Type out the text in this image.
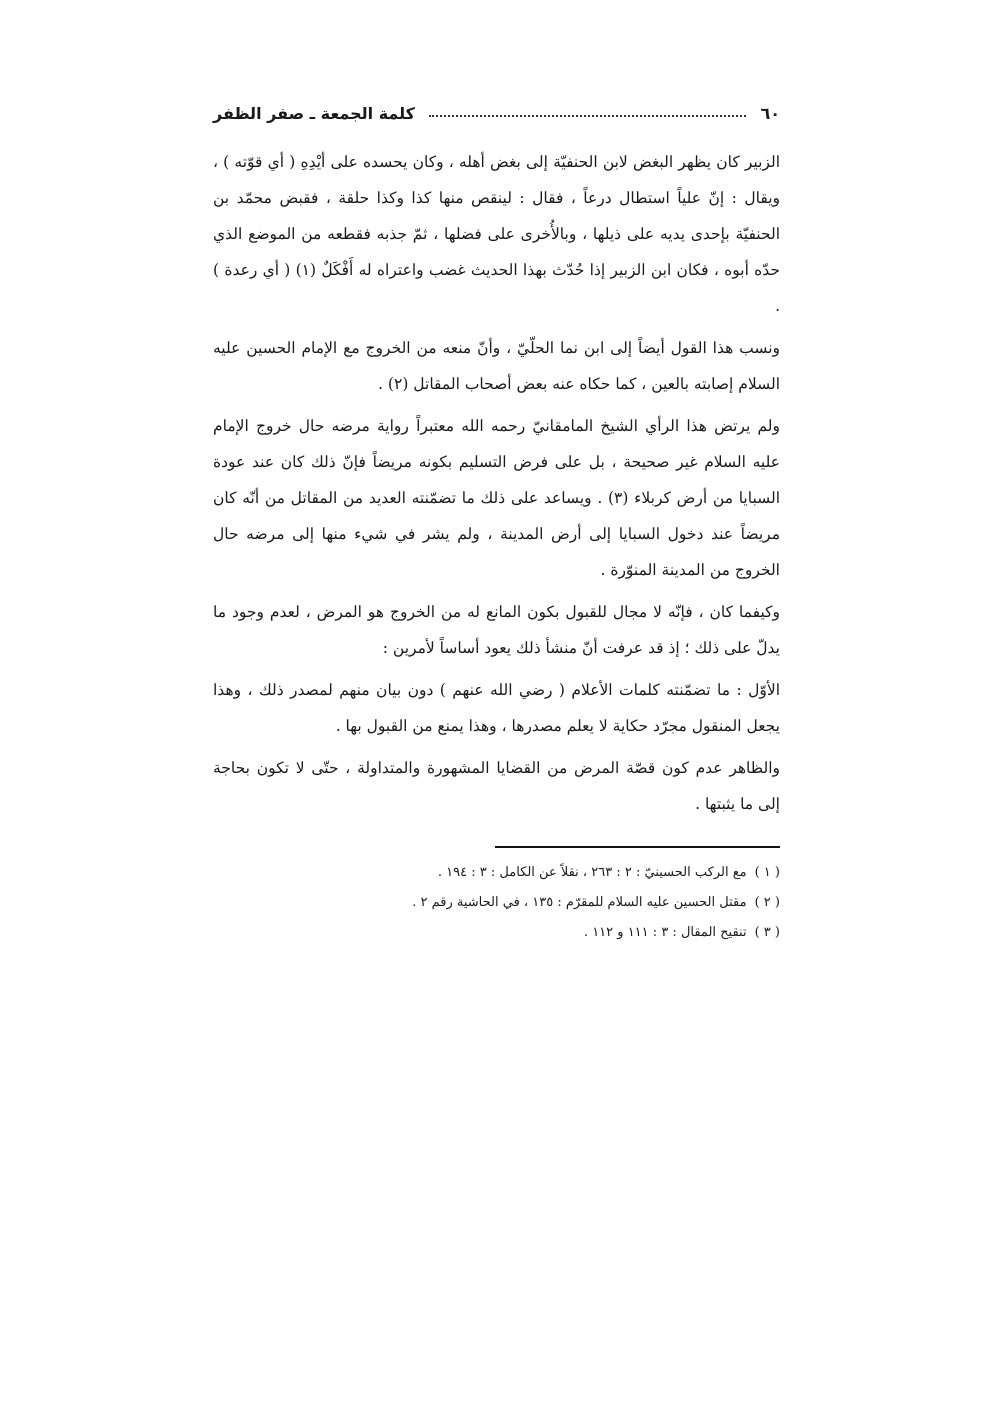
٦٠
كلمة الجمعة ـ صفر الظفر

الزبير كان يظهر البغض لابن الحنفيّة إلى بغض أهله ، وكان يحسده على أيْدِهِ ( أي قوّته ) ، ويقال : إنّ علياً استطال درعاً ، فقال : لينقص منها كذا وكذا حلقة ، فقبض محمّد بن الحنفيّة بإحدى يديه على ذيلها ، وبالأُخرى على فضلها ، ثمّ جذبه فقطعه من الموضع الذي حدّه أبوه ، فكان ابن الزبير إذا حُدّث بهذا الحديث غضب واعتراه له أَفْكَلٌ (١) ( أي رعدة ) .

ونسب هذا القول أيضاً إلى ابن نما الحلّيّ ، وأنّ منعه من الخروج مع الإمام الحسين عليه السلام إصابته بالعين ، كما حكاه عنه بعض أصحاب المقاتل (٢) .

ولم يرتض هذا الرأي الشيخ المامقانيّ رحمه الله معتبراً رواية مرضه حال خروج الإمام عليه السلام غير صحيحة ، بل على فرض التسليم بكونه مريضاً فإنّ ذلك كان عند عودة السبايا من أرض كربلاء (٣) . ويساعد على ذلك ما تضمّنته العديد من المقاتل من أنّه كان مريضاً عند دخول السبايا إلى أرض المدينة ، ولم يشر في شيء منها إلى مرضه حال الخروج من المدينة المنوّرة .

وكيفما كان ، فإنّه لا مجال للقبول بكون المانع له من الخروج هو المرض ، لعدم وجود ما يدلّ على ذلك ؛ إذ قد عرفت أنّ منشأ ذلك يعود أساساً لأمرين :

الأوّل : ما تضمّنته كلمات الأعلام ( رضي الله عنهم ) دون بيان منهم لمصدر ذلك ، وهذا يجعل المنقول مجرّد حكاية لا يعلم مصدرها ، وهذا يمنع من القبول بها .

والظاهر عدم كون قصّة المرض من القضايا المشهورة والمتداولة ، حتّى لا تكون بحاجة إلى ما يثبتها .

( ١ )مع الركب الحسينيّ : ٢ : ٢٦٣ ، نقلاً عن الكامل : ٣ : ١٩٤ .
( ٢ )مقتل الحسين عليه السلام للمقرّم : ١٣٥ ، في الحاشية رقم ٢ .
( ٣ )تنقيح المقال : ٣ : ١١١ و ١١٢ .
